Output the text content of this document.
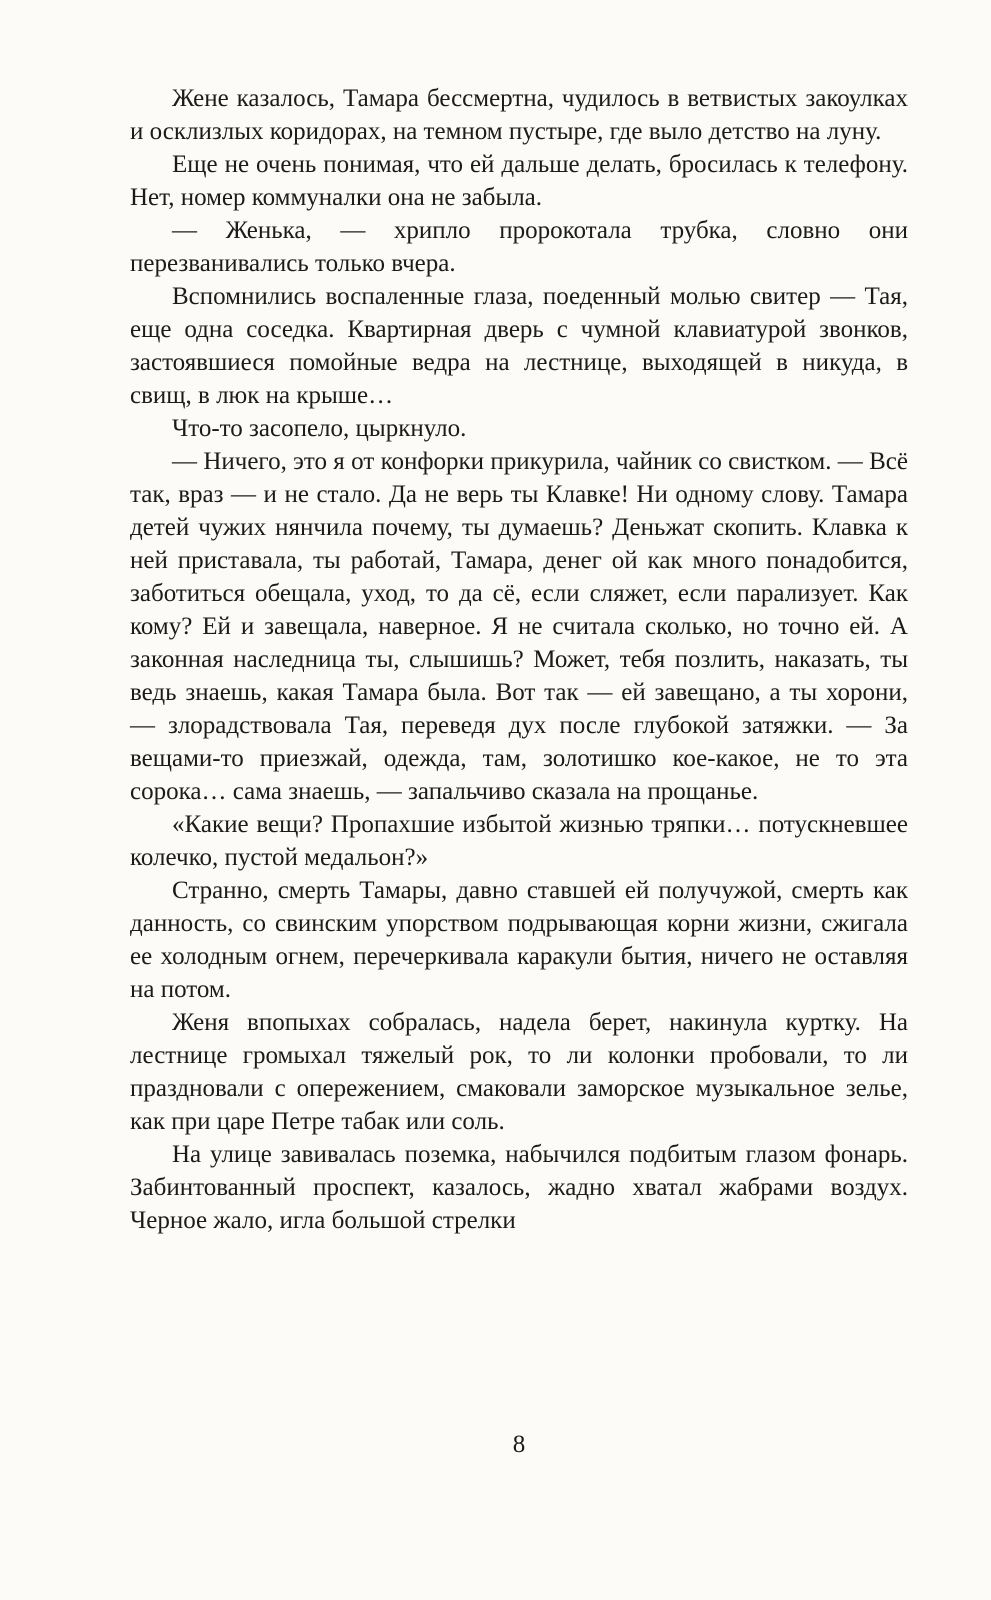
Жене казалось, Тамара бессмертна, чудилось в ветвистых закоулках и осклизлых коридорах, на темном пустыре, где выло детство на луну.

Еще не очень понимая, что ей дальше делать, бросилась к телефону. Нет, номер коммуналки она не забыла.

— Женька, — хрипло пророкотала трубка, словно они перезванивались только вчера.

Вспомнились воспаленные глаза, поеденный молью свитер — Тая, еще одна соседка. Квартирная дверь с чумной клавиатурой звонков, застоявшиеся помойные ведра на лестнице, выходящей в никуда, в свищ, в люк на крыше…

Что-то засопело, цыркнуло.

— Ничего, это я от конфорки прикурила, чайник со свистком. — Всё так, враз — и не стало. Да не верь ты Клавке! Ни одному слову. Тамара детей чужих нянчила почему, ты думаешь? Деньжат скопить. Клавка к ней приставала, ты работай, Тамара, денег ой как много понадобится, заботиться обещала, уход, то да сё, если сляжет, если парализует. Как кому? Ей и завещала, наверное. Я не считала сколько, но точно ей. А законная наследница ты, слышишь? Может, тебя позлить, наказать, ты ведь знаешь, какая Тамара была. Вот так — ей завещано, а ты хорони, — злорадствовала Тая, переведя дух после глубокой затяжки. — За вещами-то приезжай, одежда, там, золотишко кое-какое, не то эта сорока… сама знаешь, — запальчиво сказала на прощанье.

«Какие вещи? Пропахшие избытой жизнью тряпки… потускневшее колечко, пустой медальон?»

Странно, смерть Тамары, давно ставшей ей получужой, смерть как данность, со свинским упорством подрывающая корни жизни, сжигала ее холодным огнем, перечеркивала каракули бытия, ничего не оставляя на потом.

Женя впопыхах собралась, надела берет, накинула куртку. На лестнице громыхал тяжелый рок, то ли колонки пробовали, то ли праздновали с опережением, смаковали заморское музыкальное зелье, как при царе Петре табак или соль.

На улице завивалась поземка, набычился подбитым глазом фонарь. Забинтованный проспект, казалось, жадно хватал жабрами воздух. Черное жало, игла большой стрелки

8
